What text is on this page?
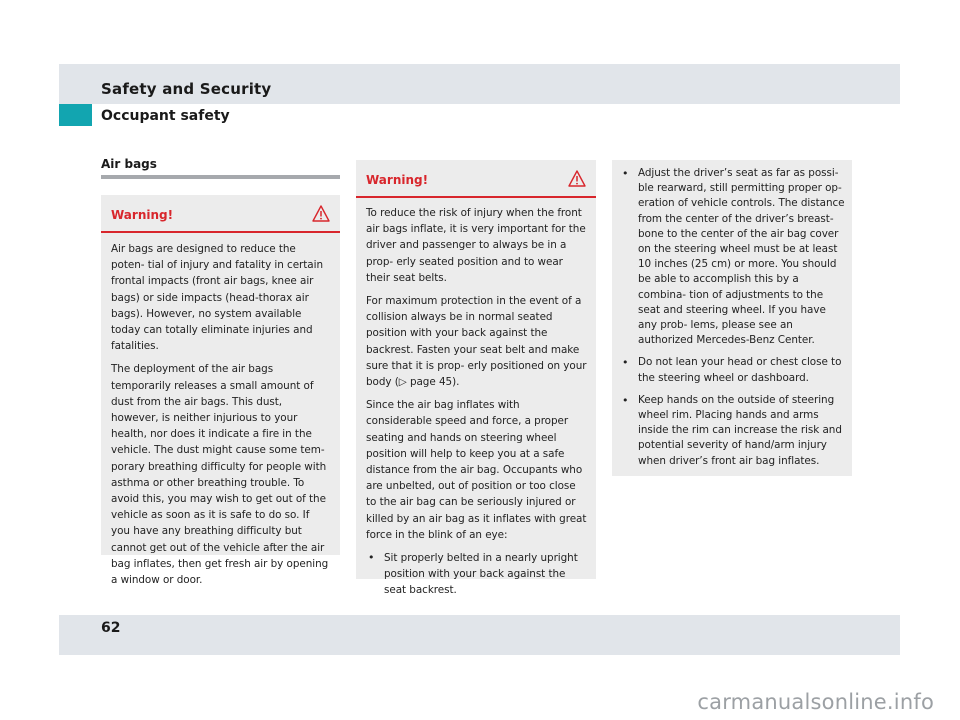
Safety and Security
Occupant safety
Air bags
Warning!

Air bags are designed to reduce the poten- tial of injury and fatality in certain frontal impacts (front air bags, knee air bags) or side impacts (head-thorax air bags). However, no system available today can totally eliminate injuries and fatalities.

The deployment of the air bags temporarily releases a small amount of dust from the air bags. This dust, however, is neither injurious to your health, nor does it indicate a fire in the vehicle. The dust might cause some tem- porary breathing difficulty for people with asthma or other breathing trouble. To avoid this, you may wish to get out of the vehicle as soon as it is safe to do so. If you have any breathing difficulty but cannot get out of the vehicle after the air bag inflates, then get fresh air by opening a window or door.

Warning!

To reduce the risk of injury when the front air bags inflate, it is very important for the driver and passenger to always be in a prop- erly seated position and to wear their seat belts.

For maximum protection in the event of a collision always be in normal seated position with your back against the backrest. Fasten your seat belt and make sure that it is prop- erly positioned on your body (▷ page 45).

Since the air bag inflates with considerable speed and force, a proper seating and hands on steering wheel position will help to keep you at a safe distance from the air bag. Occupants who are unbelted, out of position or too close to the air bag can be seriously injured or killed by an air bag as it inflates with great force in the blink of an eye:

• Sit properly belted in a nearly upright position with your back against the seat backrest.
• Adjust the driver’s seat as far as possi- ble rearward, still permitting proper op- eration of vehicle controls. The distance from the center of the driver’s breast- bone to the center of the air bag cover on the steering wheel must be at least 10 inches (25 cm) or more. You should be able to accomplish this by a combina- tion of adjustments to the seat and steering wheel. If you have any prob- lems, please see an authorized Mercedes-Benz Center.
• Do not lean your head or chest close to the steering wheel or dashboard.
• Keep hands on the outside of steering wheel rim. Placing hands and arms inside the rim can increase the risk and potential severity of hand/arm injury when driver’s front air bag inflates.
62
carmanualsonline.info
